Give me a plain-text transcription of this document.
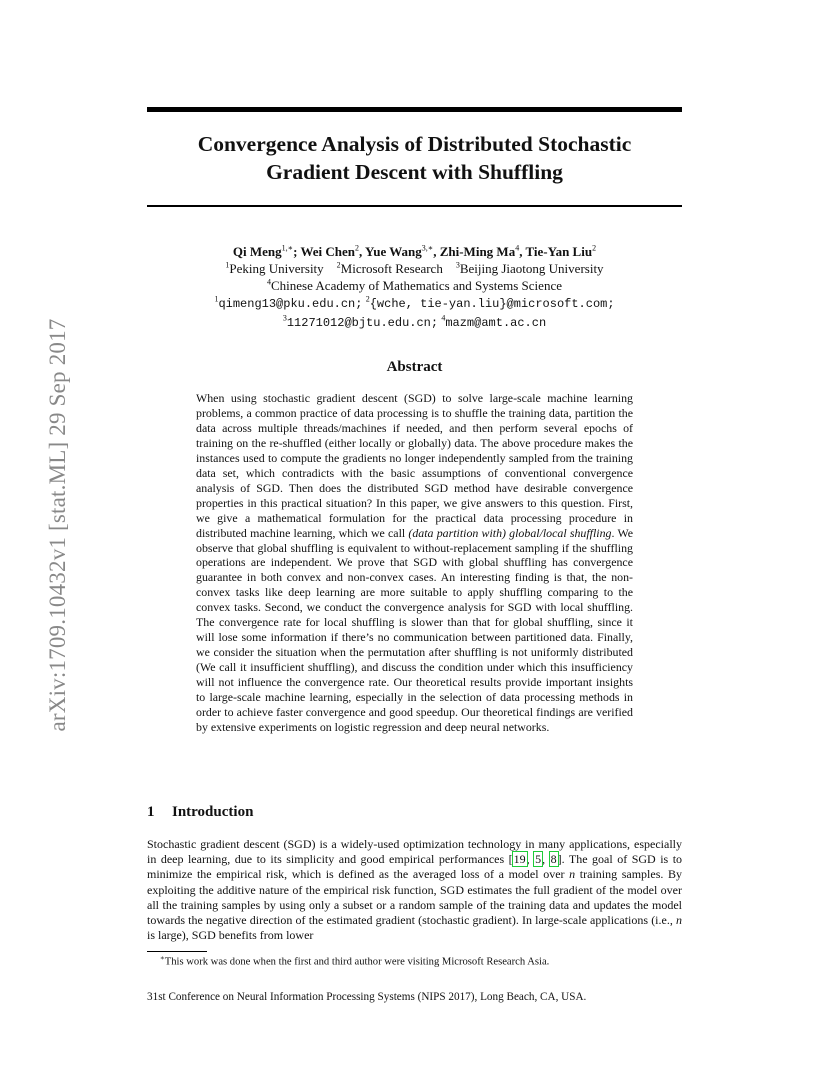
Convergence Analysis of Distributed Stochastic
Gradient Descent with Shuffling
Qi Meng$^{1,∗}$; Wei Chen$^2$, Yue Wang$^{3,∗}$, Zhi-Ming Ma$^4$, Tie-Yan Liu$^2$
$^1$Peking University $^2$Microsoft Research $^3$Beijing Jiaotong University
$^4$Chinese Academy of Mathematics and Systems Science
$^1$qimeng13@pku.edu.cn; $^2${wche, tie-yan.liu}@microsoft.com;
$^3$11271012@bjtu.edu.cn; $^4$mazm@amt.ac.cn
arXiv:1709.10432v1 [stat.ML] 29 Sep 2017	Abstract
When using stochastic gradient descent (SGD) to solve large-scale machine learning problems, a common practice of data processing is to shuffle the training data, partition the data across multiple threads/machines if needed, and then perform several epochs of training on the re-shuffled (either locally or globally) data. The above procedure makes the instances used to compute the gradients no longer independently sampled from the training data set, which contradicts with the basic assumptions of conventional convergence analysis of SGD. Then does the distributed SGD method have desirable convergence properties in this practical situation? In this paper, we give answers to this question. First, we give a mathematical formulation for the practical data processing procedure in distributed machine learning, which we call (data partition with) global/local shuffling. We observe that global shuffling is equivalent to without-replacement sampling if the shuffling operations are independent. We prove that SGD with global shuffling has convergence guarantee in both convex and non-convex cases. An interesting finding is that, the non-convex tasks like deep learning are more suitable to apply shuffling comparing to the convex tasks. Second, we conduct the convergence analysis for SGD with local shuffling. The convergence rate for local shuffling is slower than that for global shuffling, since it will lose some information if there’s no communication between partitioned data. Finally, we consider the situation when the permutation after shuffling is not uniformly distributed (We call it insufficient shuffling), and discuss the condition under which this insufficiency will not influence the convergence rate. Our theoretical results provide important insights to large-scale machine learning, especially in the selection of data processing methods in order to achieve faster convergence and good speedup. Our theoretical findings are verified by extensive experiments on logistic regression and deep neural networks.
1 Introduction
Stochastic gradient descent (SGD) is a widely-used optimization technology in many applications, especially in deep learning, due to its simplicity and good empirical performances [19, 5, 8]. The goal of SGD is to minimize the empirical risk, which is defined as the averaged loss of a model over n training samples. By exploiting the additive nature of the empirical risk function, SGD estimates the full gradient of the model over all the training samples by using only a subset or a random sample of the training data and updates the model towards the negative direction of the estimated gradient (stochastic gradient). In large-scale applications (i.e., n is large), SGD benefits from lower
∗This work was done when the first and third author were visiting Microsoft Research Asia.
31st Conference on Neural Information Processing Systems (NIPS 2017), Long Beach, CA, USA.
